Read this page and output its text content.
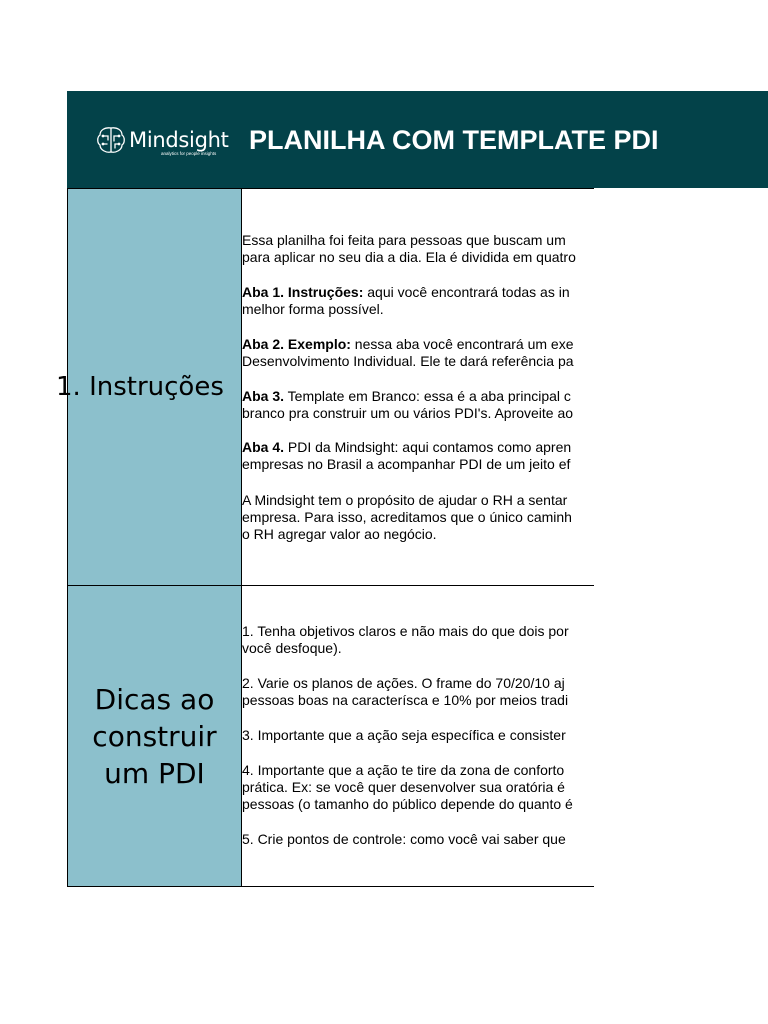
Mindsight
analytics for people insights PLANILHA COM TEMPLATE PDI
1. Instruções
Essa planilha foi feita para pessoas que buscam um
para aplicar no seu dia a dia. Ela é dividida em quatro
Aba 1. Instruções: aqui você encontrará todas as in
melhor forma possível.
Aba 2. Exemplo: nessa aba você encontrará um exe
Desenvolvimento Individual. Ele te dará referência pa
Aba 3. Template em Branco: essa é a aba principal c
branco pra construir um ou vários PDI's. Aproveite ao
Aba 4. PDI da Mindsight: aqui contamos como apren
empresas no Brasil a acompanhar PDI de um jeito ef
A Mindsight tem o propósito de ajudar o RH a sentar
empresa. Para isso, acreditamos que o único caminh
o RH agregar valor ao negócio.
Dicas ao
construir
um PDI
1. Tenha objetivos claros e não mais do que dois por
você desfoque).
2. Varie os planos de ações. O frame do 70/20/10 aj
pessoas boas na caracterísca e 10% por meios tradi
3. Importante que a ação seja específica e consister
4. Importante que a ação te tire da zona de conforto
prática. Ex: se você quer desenvolver sua oratória é
pessoas (o tamanho do público depende do quanto é
5. Crie pontos de controle: como você vai saber que
